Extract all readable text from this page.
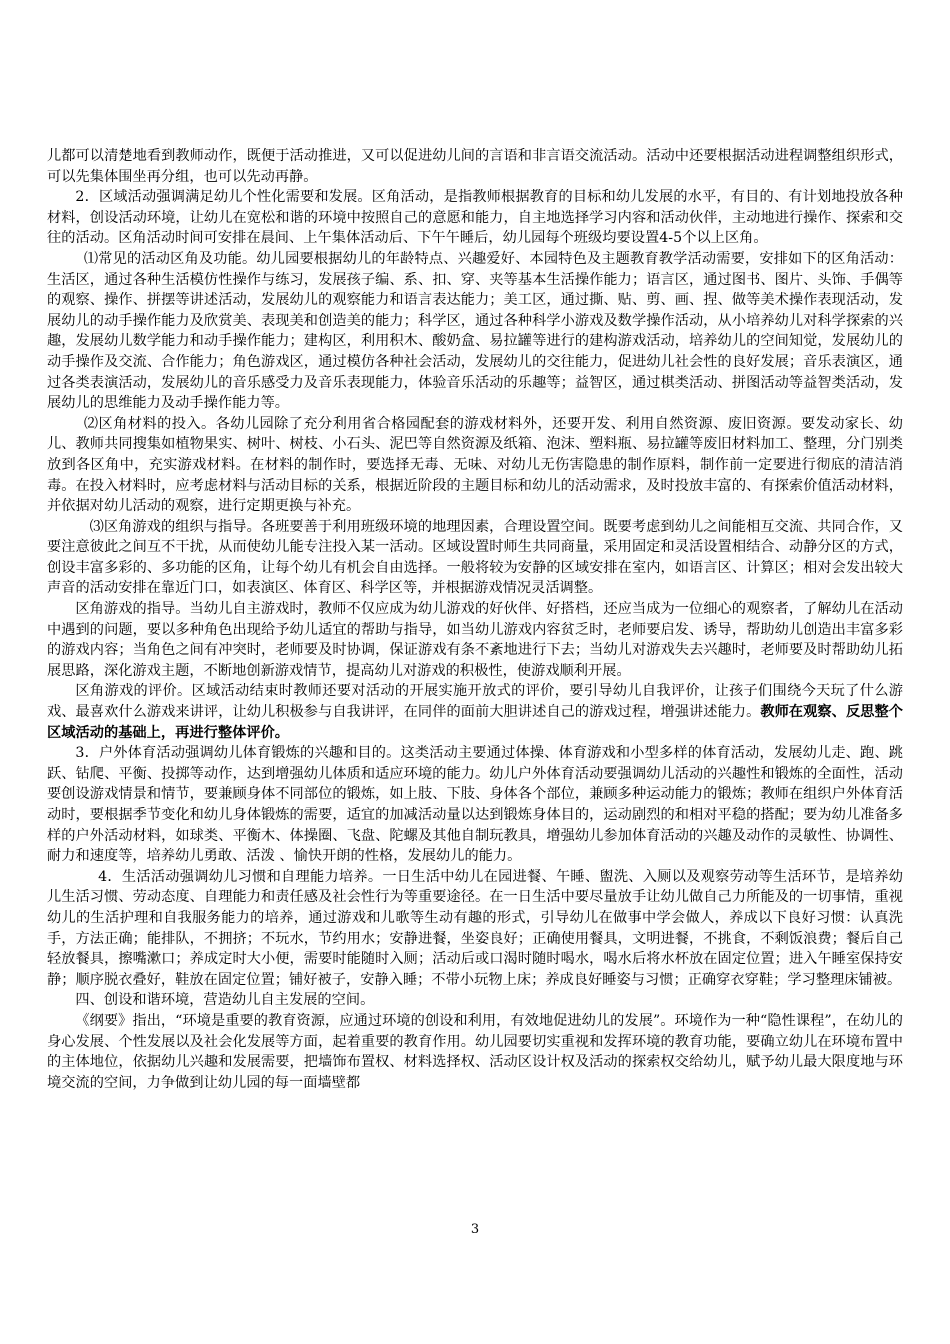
儿都可以清楚地看到教师动作，既便于活动推进，又可以促进幼儿间的言语和非言语交流活动。活动中还要根据活动进程调整组织形式，可以先集体围坐再分组，也可以先动再静。

2．区域活动强调满足幼儿个性化需要和发展。区角活动，是指教师根据教育的目标和幼儿发展的水平，有目的、有计划地投放各种材料，创设活动环境，让幼儿在宽松和谐的环境中按照自己的意愿和能力，自主地选择学习内容和活动伙伴，主动地进行操作、探索和交往的活动。区角活动时间可安排在晨间、上午集体活动后、下午午睡后，幼儿园每个班级均要设置4-5个以上区角。

⑴常见的活动区角及功能。幼儿园要根据幼儿的年龄特点、兴趣爱好、本园特色及主题教育教学活动需要，安排如下的区角活动：生活区，通过各种生活模仿性操作与练习，发展孩子编、系、扣、穿、夹等基本生活操作能力；语言区，通过图书、图片、头饰、手偶等的观察、操作、拼摆等讲述活动，发展幼儿的观察能力和语言表达能力；美工区，通过撕、贴、剪、画、捏、做等美术操作表现活动，发展幼儿的动手操作能力及欣赏美、表现美和创造美的能力；科学区，通过各种科学小游戏及数学操作活动，从小培养幼儿对科学探索的兴趣，发展幼儿数学能力和动手操作能力；建构区，利用积木、酸奶盒、易拉罐等进行的建构游戏活动，培养幼儿的空间知觉，发展幼儿的动手操作及交流、合作能力；角色游戏区，通过模仿各种社会活动，发展幼儿的交往能力，促进幼儿社会性的良好发展；音乐表演区，通过各类表演活动，发展幼儿的音乐感受力及音乐表现能力，体验音乐活动的乐趣等；益智区，通过棋类活动、拼图活动等益智类活动，发展幼儿的思维能力及动手操作能力等。

⑵区角材料的投入。各幼儿园除了充分利用省合格园配套的游戏材料外，还要开发、利用自然资源、废旧资源。要发动家长、幼儿、教师共同搜集如植物果实、树叶、树枝、小石头、泥巴等自然资源及纸箱、泡沫、塑料瓶、易拉罐等废旧材料加工、整理，分门别类放到各区角中，充实游戏材料。在材料的制作时，要选择无毒、无味、对幼儿无伤害隐患的制作原料，制作前一定要进行彻底的清洁消毒。在投入材料时，应考虑材料与活动目标的关系，根据近阶段的主题目标和幼儿的活动需求，及时投放丰富的、有探索价值活动材料，并依据对幼儿活动的观察，进行定期更换与补充。

⑶区角游戏的组织与指导。各班要善于利用班级环境的地理因素，合理设置空间。既要考虑到幼儿之间能相互交流、共同合作，又要注意彼此之间互不干扰，从而使幼儿能专注投入某一活动。区域设置时师生共同商量，采用固定和灵活设置相结合、动静分区的方式，创设丰富多彩的、多功能的区角，让每个幼儿有机会自由选择。一般将较为安静的区域安排在室内，如语言区、计算区；相对会发出较大声音的活动安排在靠近门口，如表演区、体育区、科学区等，并根据游戏情况灵活调整。

区角游戏的指导。当幼儿自主游戏时，教师不仅应成为幼儿游戏的好伙伴、好搭档，还应当成为一位细心的观察者，了解幼儿在活动中遇到的问题，要以多种角色出现给予幼儿适宜的帮助与指导，如当幼儿游戏内容贫乏时，老师要启发、诱导，帮助幼儿创造出丰富多彩的游戏内容；当角色之间有冲突时，老师要及时协调，保证游戏有条不紊地进行下去；当幼儿对游戏失去兴趣时，老师要及时帮助幼儿拓展思路，深化游戏主题，不断地创新游戏情节，提高幼儿对游戏的积极性，使游戏顺利开展。

区角游戏的评价。区域活动结束时教师还要对活动的开展实施开放式的评价，要引导幼儿自我评价，让孩子们围绕今天玩了什么游戏、最喜欢什么游戏来讲评，让幼儿积极参与自我讲评，在同伴的面前大胆讲述自己的游戏过程，增强讲述能力。教师在观察、反思整个区域活动的基础上，再进行整体评价。

3．户外体育活动强调幼儿体育锻炼的兴趣和目的。这类活动主要通过体操、体育游戏和小型多样的体育活动，发展幼儿走、跑、跳跃、钻爬、平衡、投掷等动作，达到增强幼儿体质和适应环境的能力。幼儿户外体育活动要强调幼儿活动的兴趣性和锻炼的全面性，活动要创设游戏情景和情节，要兼顾身体不同部位的锻炼，如上肢、下肢、身体各个部位，兼顾多种运动能力的锻炼；教师在组织户外体育活动时，要根据季节变化和幼儿身体锻炼的需要，适宜的加减活动量以达到锻炼身体目的，运动剧烈的和相对平稳的搭配；要为幼儿准备多样的户外活动材料，如球类、平衡木、体操圈、飞盘、陀螺及其他自制玩教具，增强幼儿参加体育活动的兴趣及动作的灵敏性、协调性、耐力和速度等，培养幼儿勇敢、活泼 、愉快开朗的性格，发展幼儿的能力。

4．生活活动强调幼儿习惯和自理能力培养。一日生活中幼儿在园进餐、午睡、盥洗、入厕以及观察劳动等生活环节，是培养幼儿生活习惯、劳动态度、自理能力和责任感及社会性行为等重要途径。在一日生活中要尽量放手让幼儿做自己力所能及的一切事情，重视幼儿的生活护理和自我服务能力的培养，通过游戏和儿歌等生动有趣的形式，引导幼儿在做事中学会做人，养成以下良好习惯：认真洗手，方法正确；能排队，不拥挤；不玩水，节约用水；安静进餐，坐姿良好；正确使用餐具，文明进餐，不挑食，不剩饭浪费；餐后自己轻放餐具，擦嘴漱口；养成定时大小便，需要时能随时入厕；活动后或口渴时随时喝水，喝水后将水杯放在固定位置；进入午睡室保持安静；顺序脱衣叠好，鞋放在固定位置；铺好被子，安静入睡；不带小玩物上床；养成良好睡姿与习惯；正确穿衣穿鞋；学习整理床铺被。

四、创设和谐环境，营造幼儿自主发展的空间。

《纲要》指出，“环境是重要的教育资源，应通过环境的创设和利用，有效地促进幼儿的发展”。环境作为一种“隐性课程”，在幼儿的身心发展、个性发展以及社会化发展等方面，起着重要的教育作用。幼儿园要切实重视和发挥环境的教育功能，要确立幼儿在环境布置中的主体地位，依据幼儿兴趣和发展需要，把墙饰布置权、材料选择权、活动区设计权及活动的探索权交给幼儿，赋予幼儿最大限度地与环境交流的空间，力争做到让幼儿园的每一面墙壁都

3
